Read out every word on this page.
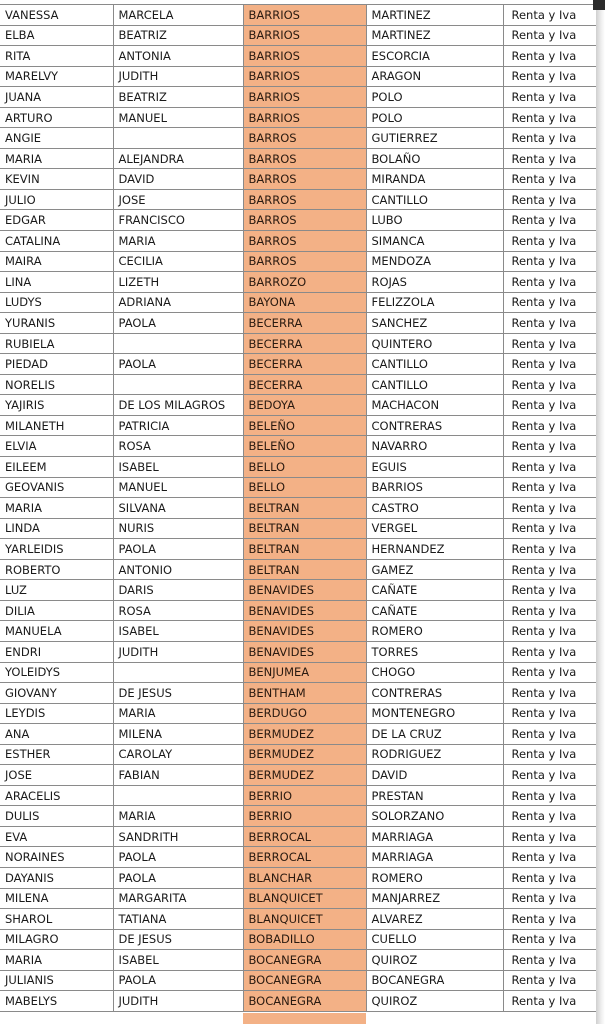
VANESSA	MARCELA	BARRIOS	MARTINEZ	Renta y Iva
ELBA	BEATRIZ	BARRIOS	MARTINEZ	Renta y Iva
RITA	ANTONIA	BARRIOS	ESCORCIA	Renta y Iva
MARELVY	JUDITH	BARRIOS	ARAGON	Renta y Iva
JUANA	BEATRIZ	BARRIOS	POLO	Renta y Iva
ARTURO	MANUEL	BARRIOS	POLO	Renta y Iva
ANGIE		BARROS	GUTIERREZ	Renta y Iva
MARIA	ALEJANDRA	BARROS	BOLAÑO	Renta y Iva
KEVIN	DAVID	BARROS	MIRANDA	Renta y Iva
JULIO	JOSE	BARROS	CANTILLO	Renta y Iva
EDGAR	FRANCISCO	BARROS	LUBO	Renta y Iva
CATALINA	MARIA	BARROS	SIMANCA	Renta y Iva
MAIRA	CECILIA	BARROS	MENDOZA	Renta y Iva
LINA	LIZETH	BARROZO	ROJAS	Renta y Iva
LUDYS	ADRIANA	BAYONA	FELIZZOLA	Renta y Iva
YURANIS	PAOLA	BECERRA	SANCHEZ	Renta y Iva
RUBIELA		BECERRA	QUINTERO	Renta y Iva
PIEDAD	PAOLA	BECERRA	CANTILLO	Renta y Iva
NORELIS		BECERRA	CANTILLO	Renta y Iva
YAJIRIS	DE LOS MILAGROS	BEDOYA	MACHACON	Renta y Iva
MILANETH	PATRICIA	BELEÑO	CONTRERAS	Renta y Iva
ELVIA	ROSA	BELEÑO	NAVARRO	Renta y Iva
EILEEM	ISABEL	BELLO	EGUIS	Renta y Iva
GEOVANIS	MANUEL	BELLO	BARRIOS	Renta y Iva
MARIA	SILVANA	BELTRAN	CASTRO	Renta y Iva
LINDA	NURIS	BELTRAN	VERGEL	Renta y Iva
YARLEIDIS	PAOLA	BELTRAN	HERNANDEZ	Renta y Iva
ROBERTO	ANTONIO	BELTRAN	GAMEZ	Renta y Iva
LUZ	DARIS	BENAVIDES	CAÑATE	Renta y Iva
DILIA	ROSA	BENAVIDES	CAÑATE	Renta y Iva
MANUELA	ISABEL	BENAVIDES	ROMERO	Renta y Iva
ENDRI	JUDITH	BENAVIDES	TORRES	Renta y Iva
YOLEIDYS		BENJUMEA	CHOGO	Renta y Iva
GIOVANY	DE JESUS	BENTHAM	CONTRERAS	Renta y Iva
LEYDIS	MARIA	BERDUGO	MONTENEGRO	Renta y Iva
ANA	MILENA	BERMUDEZ	DE LA CRUZ	Renta y Iva
ESTHER	CAROLAY	BERMUDEZ	RODRIGUEZ	Renta y Iva
JOSE	FABIAN	BERMUDEZ	DAVID	Renta y Iva
ARACELIS		BERRIO	PRESTAN	Renta y Iva
DULIS	MARIA	BERRIO	SOLORZANO	Renta y Iva
EVA	SANDRITH	BERROCAL	MARRIAGA	Renta y Iva
NORAINES	PAOLA	BERROCAL	MARRIAGA	Renta y Iva
DAYANIS	PAOLA	BLANCHAR	ROMERO	Renta y Iva
MILENA	MARGARITA	BLANQUICET	MANJARREZ	Renta y Iva
SHAROL	TATIANA	BLANQUICET	ALVAREZ	Renta y Iva
MILAGRO	DE JESUS	BOBADILLO	CUELLO	Renta y Iva
MARIA	ISABEL	BOCANEGRA	QUIROZ	Renta y Iva
JULIANIS	PAOLA	BOCANEGRA	BOCANEGRA	Renta y Iva
MABELYS	JUDITH	BOCANEGRA	QUIROZ	Renta y Iva
